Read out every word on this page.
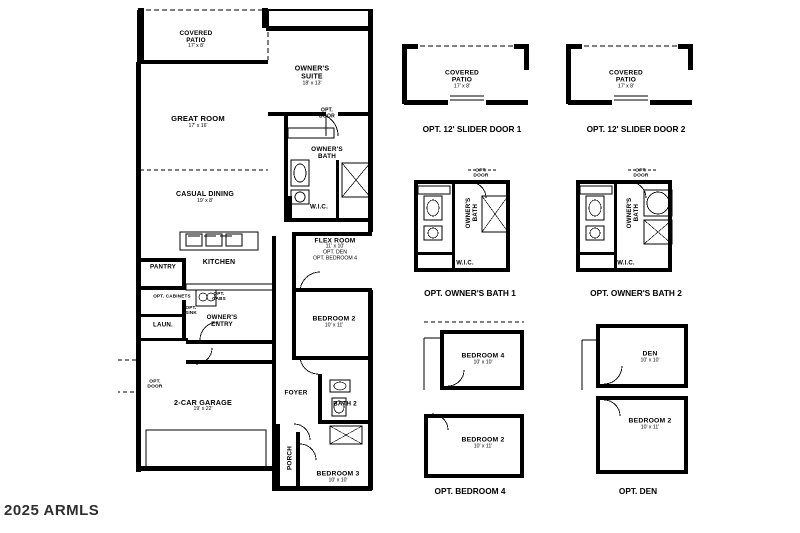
COVERED
PATIO
17' x 8'
OWNER'S
SUITE
18' x 13'
GREAT ROOM
17' x 16'
OPT.
DOOR
OWNER'S
BATH
CASUAL DINING
19' x 8'
W.I.C.
FLEX ROOM
11' x 10'
OPT. DEN
OPT. BEDROOM 4
KITCHEN
PANTRY
OPT. CABINETS
OPT.
CABS
OPT.
SINK
BEDROOM 2
10' x 11'
LAUN.
OWNER'S
ENTRY
OPT.
DOOR
FOYER
BATH 2
2-CAR GARAGE
19' x 22'
PORCH
BEDROOM 3
10' x 10'
COVERED
PATIO
17' x 8'
OPT. 12' SLIDER DOOR 1
COVERED
PATIO
17' x 8'
OPT. 12' SLIDER DOOR 2
OPT.
DOOR
OWNER'S BATH
W.I.C.
OPT. OWNER'S BATH 1
OPT.
DOOR
OWNER'S BATH
W.I.C.
OPT. OWNER'S BATH 2
BEDROOM 4
10' x 10'
BEDROOM 2
10' x 11'
OPT. BEDROOM 4
DEN
10' x 10'
BEDROOM 2
10' x 11'
OPT. DEN
2025 ARMLS
